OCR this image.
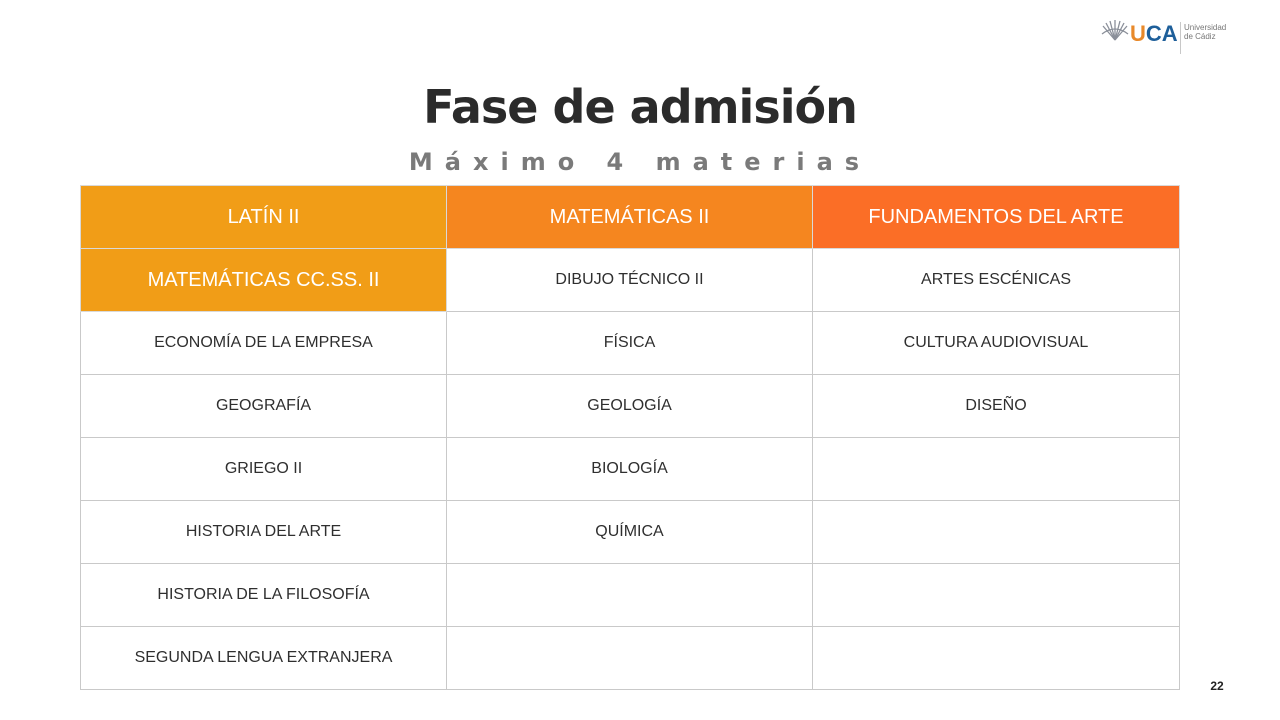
UCA Universidad
de Cádiz
Fase de admisión
Máximo 4 materias
LATÍN II	MATEMÁTICAS II	FUNDAMENTOS DEL ARTE
MATEMÁTICAS CC.SS. II	DIBUJO TÉCNICO II	ARTES ESCÉNICAS
ECONOMÍA DE LA EMPRESA	FÍSICA	CULTURA AUDIOVISUAL
GEOGRAFÍA	GEOLOGÍA	DISEÑO
GRIEGO II	BIOLOGÍA	
HISTORIA DEL ARTE	QUÍMICA	
HISTORIA DE LA FILOSOFÍA		
SEGUNDA LENGUA EXTRANJERA		
22
